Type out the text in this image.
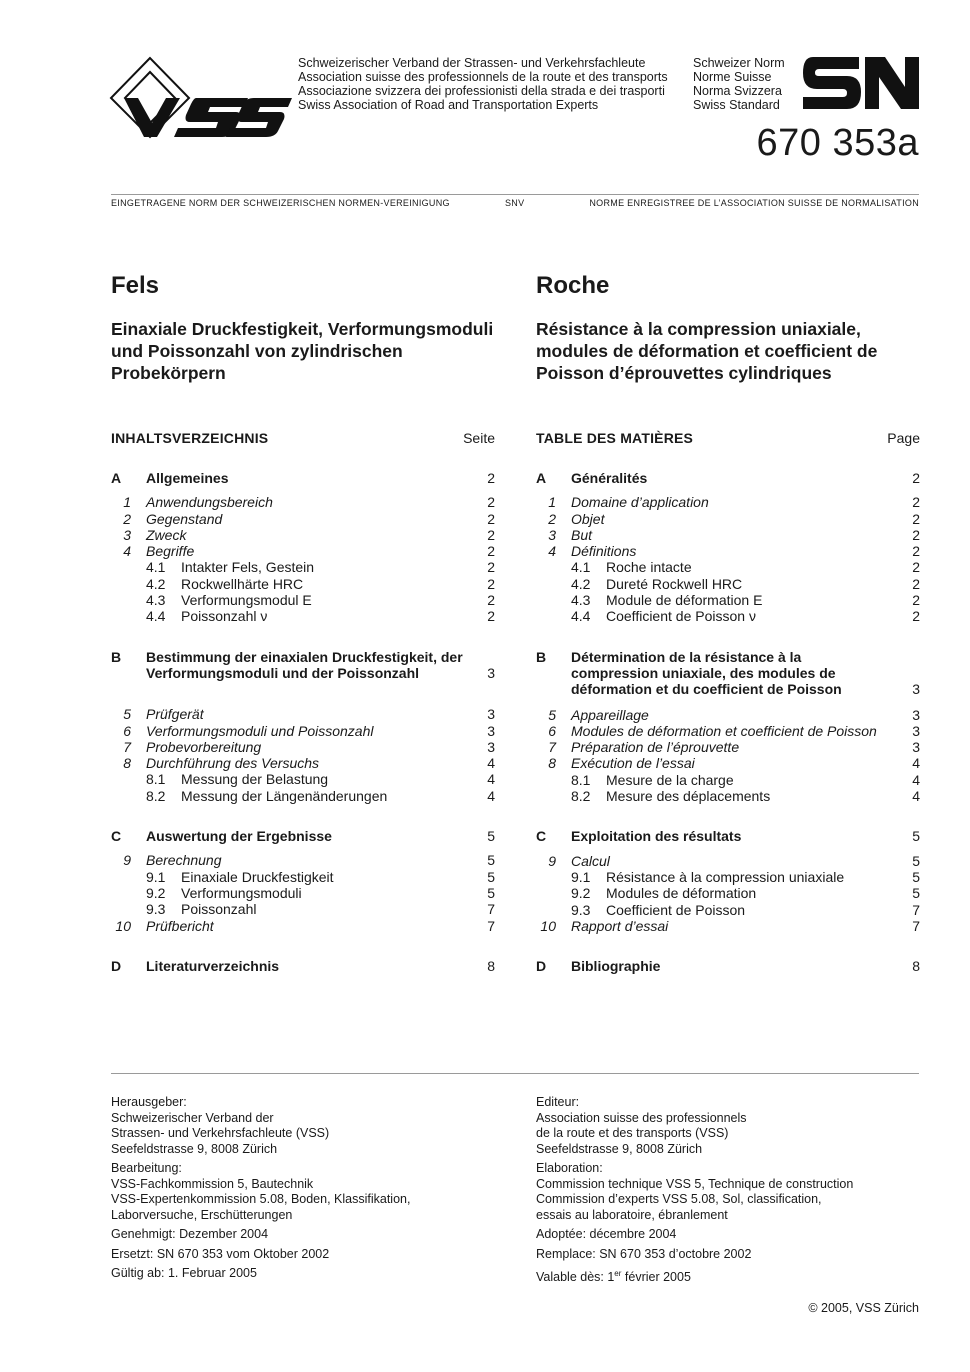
Schweizerischer Verband der Strassen- und Verkehrsfachleute
Association suisse des professionnels de la route et des transports
Associazione svizzera dei professionisti della strada e dei trasporti
Swiss Association of Road and Transportation Experts
Schweizer Norm
Norme Suisse
Norma Svizzera
Swiss Standard
670 353a
EINGETRAGENE NORM DER SCHWEIZERISCHEN NORMEN-VEREINIGUNG	SNV	NORME ENREGISTREE DE L’ASSOCIATION SUISSE DE NORMALISATION
Fels
Einaxiale Druckfestigkeit, Verformungsmoduli und Poissonzahl von zylindrischen Probekörpern
INHALTSVERZEICHNIS	Seite
A	Allgemeines	2
1 Anwendungsbereich	2
2 Gegenstand	2
3 Zweck	2
4 Begriffe	2
4.1 Intakter Fels, Gestein	2
4.2 Rockwellhärte HRC	2
4.3 Verformungsmodul E	2
4.4 Poissonzahl ν	2
B	Bestimmung der einaxialen Druckfestigkeit, der Verformungsmoduli und der Poissonzahl	3
5 Prüfgerät	3
6 Verformungsmoduli und Poissonzahl	3
7 Probevorbereitung	3
8 Durchführung des Versuchs	4
8.1 Messung der Belastung	4
8.2 Messung der Längenänderungen	4
C	Auswertung der Ergebnisse	5
9 Berechnung	5
9.1 Einaxiale Druckfestigkeit	5
9.2 Verformungsmoduli	5
9.3 Poissonzahl	7
10 Prüfbericht	7
D	Literaturverzeichnis	8
Roche
Résistance à la compression uniaxiale, modules de déformation et coefficient de Poisson d’éprouvettes cylindriques
TABLE DES MATIÈRES	Page
A	Généralités	2
1 Domaine d’application	2
2 Objet	2
3 But	2
4 Définitions	2
4.1 Roche intacte	2
4.2 Dureté Rockwell HRC	2
4.3 Module de déformation E	2
4.4 Coefficient de Poisson ν	2
B	Détermination de la résistance à la compression uniaxiale, des modules de déformation et du coefficient de Poisson	3
5 Appareillage	3
6 Modules de déformation et coefficient de Poisson	3
7 Préparation de l’éprouvette	3
8 Exécution de l’essai	4
8.1 Mesure de la charge	4
8.2 Mesure des déplacements	4
C	Exploitation des résultats	5
9 Calcul	5
9.1 Résistance à la compression uniaxiale	5
9.2 Modules de déformation	5
9.3 Coefficient de Poisson	7
10 Rapport d’essai	7
D	Bibliographie	8
Herausgeber:
Schweizerischer Verband der
Strassen- und Verkehrsfachleute (VSS)
Seefeldstrasse 9, 8008 Zürich
Bearbeitung:
VSS-Fachkommission 5, Bautechnik
VSS-Expertenkommission 5.08, Boden, Klassifikation,
Laborversuche, Erschütterungen
Genehmigt: Dezember 2004
Ersetzt: SN 670 353 vom Oktober 2002
Gültig ab: 1. Februar 2005
Editeur:
Association suisse des professionnels
de la route et des transports (VSS)
Seefeldstrasse 9, 8008 Zürich
Elaboration:
Commission technique VSS 5, Technique de construction
Commission d’experts VSS 5.08, Sol, classification,
essais au laboratoire, ébranlement
Adoptée: décembre 2004
Remplace: SN 670 353 d’octobre 2002
Valable dès: 1er février 2005
© 2005, VSS Zürich
